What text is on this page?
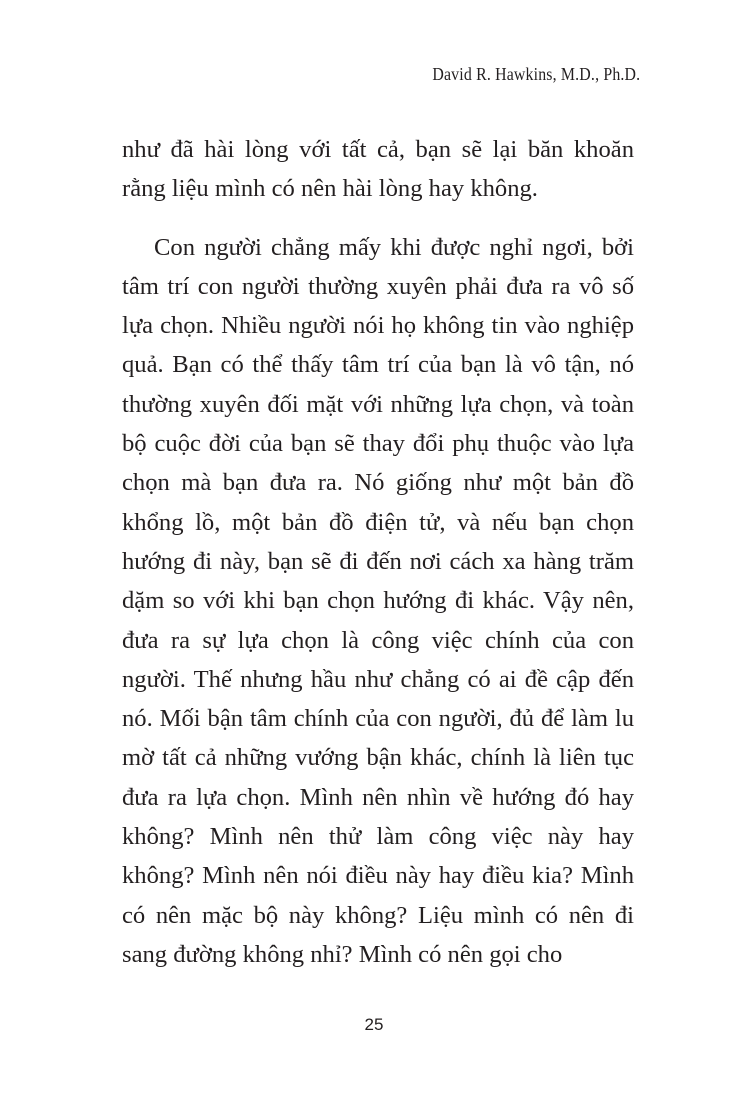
David R. Hawkins, M.D., Ph.D.

như đã hài lòng với tất cả, bạn sẽ lại băn khoăn rằng liệu mình có nên hài lòng hay không.

Con người chẳng mấy khi được nghỉ ngơi, bởi tâm trí con người thường xuyên phải đưa ra vô số lựa chọn. Nhiều người nói họ không tin vào nghiệp quả. Bạn có thể thấy tâm trí của bạn là vô tận, nó thường xuyên đối mặt với những lựa chọn, và toàn bộ cuộc đời của bạn sẽ thay đổi phụ thuộc vào lựa chọn mà bạn đưa ra. Nó giống như một bản đồ khổng lồ, một bản đồ điện tử, và nếu bạn chọn hướng đi này, bạn sẽ đi đến nơi cách xa hàng trăm dặm so với khi bạn chọn hướng đi khác. Vậy nên, đưa ra sự lựa chọn là công việc chính của con người. Thế nhưng hầu như chẳng có ai đề cập đến nó. Mối bận tâm chính của con người, đủ để làm lu mờ tất cả những vướng bận khác, chính là liên tục đưa ra lựa chọn. Mình nên nhìn về hướng đó hay không? Mình nên thử làm công việc này hay không? Mình nên nói điều này hay điều kia? Mình có nên mặc bộ này không? Liệu mình có nên đi sang đường không nhỉ? Mình có nên gọi cho

25
